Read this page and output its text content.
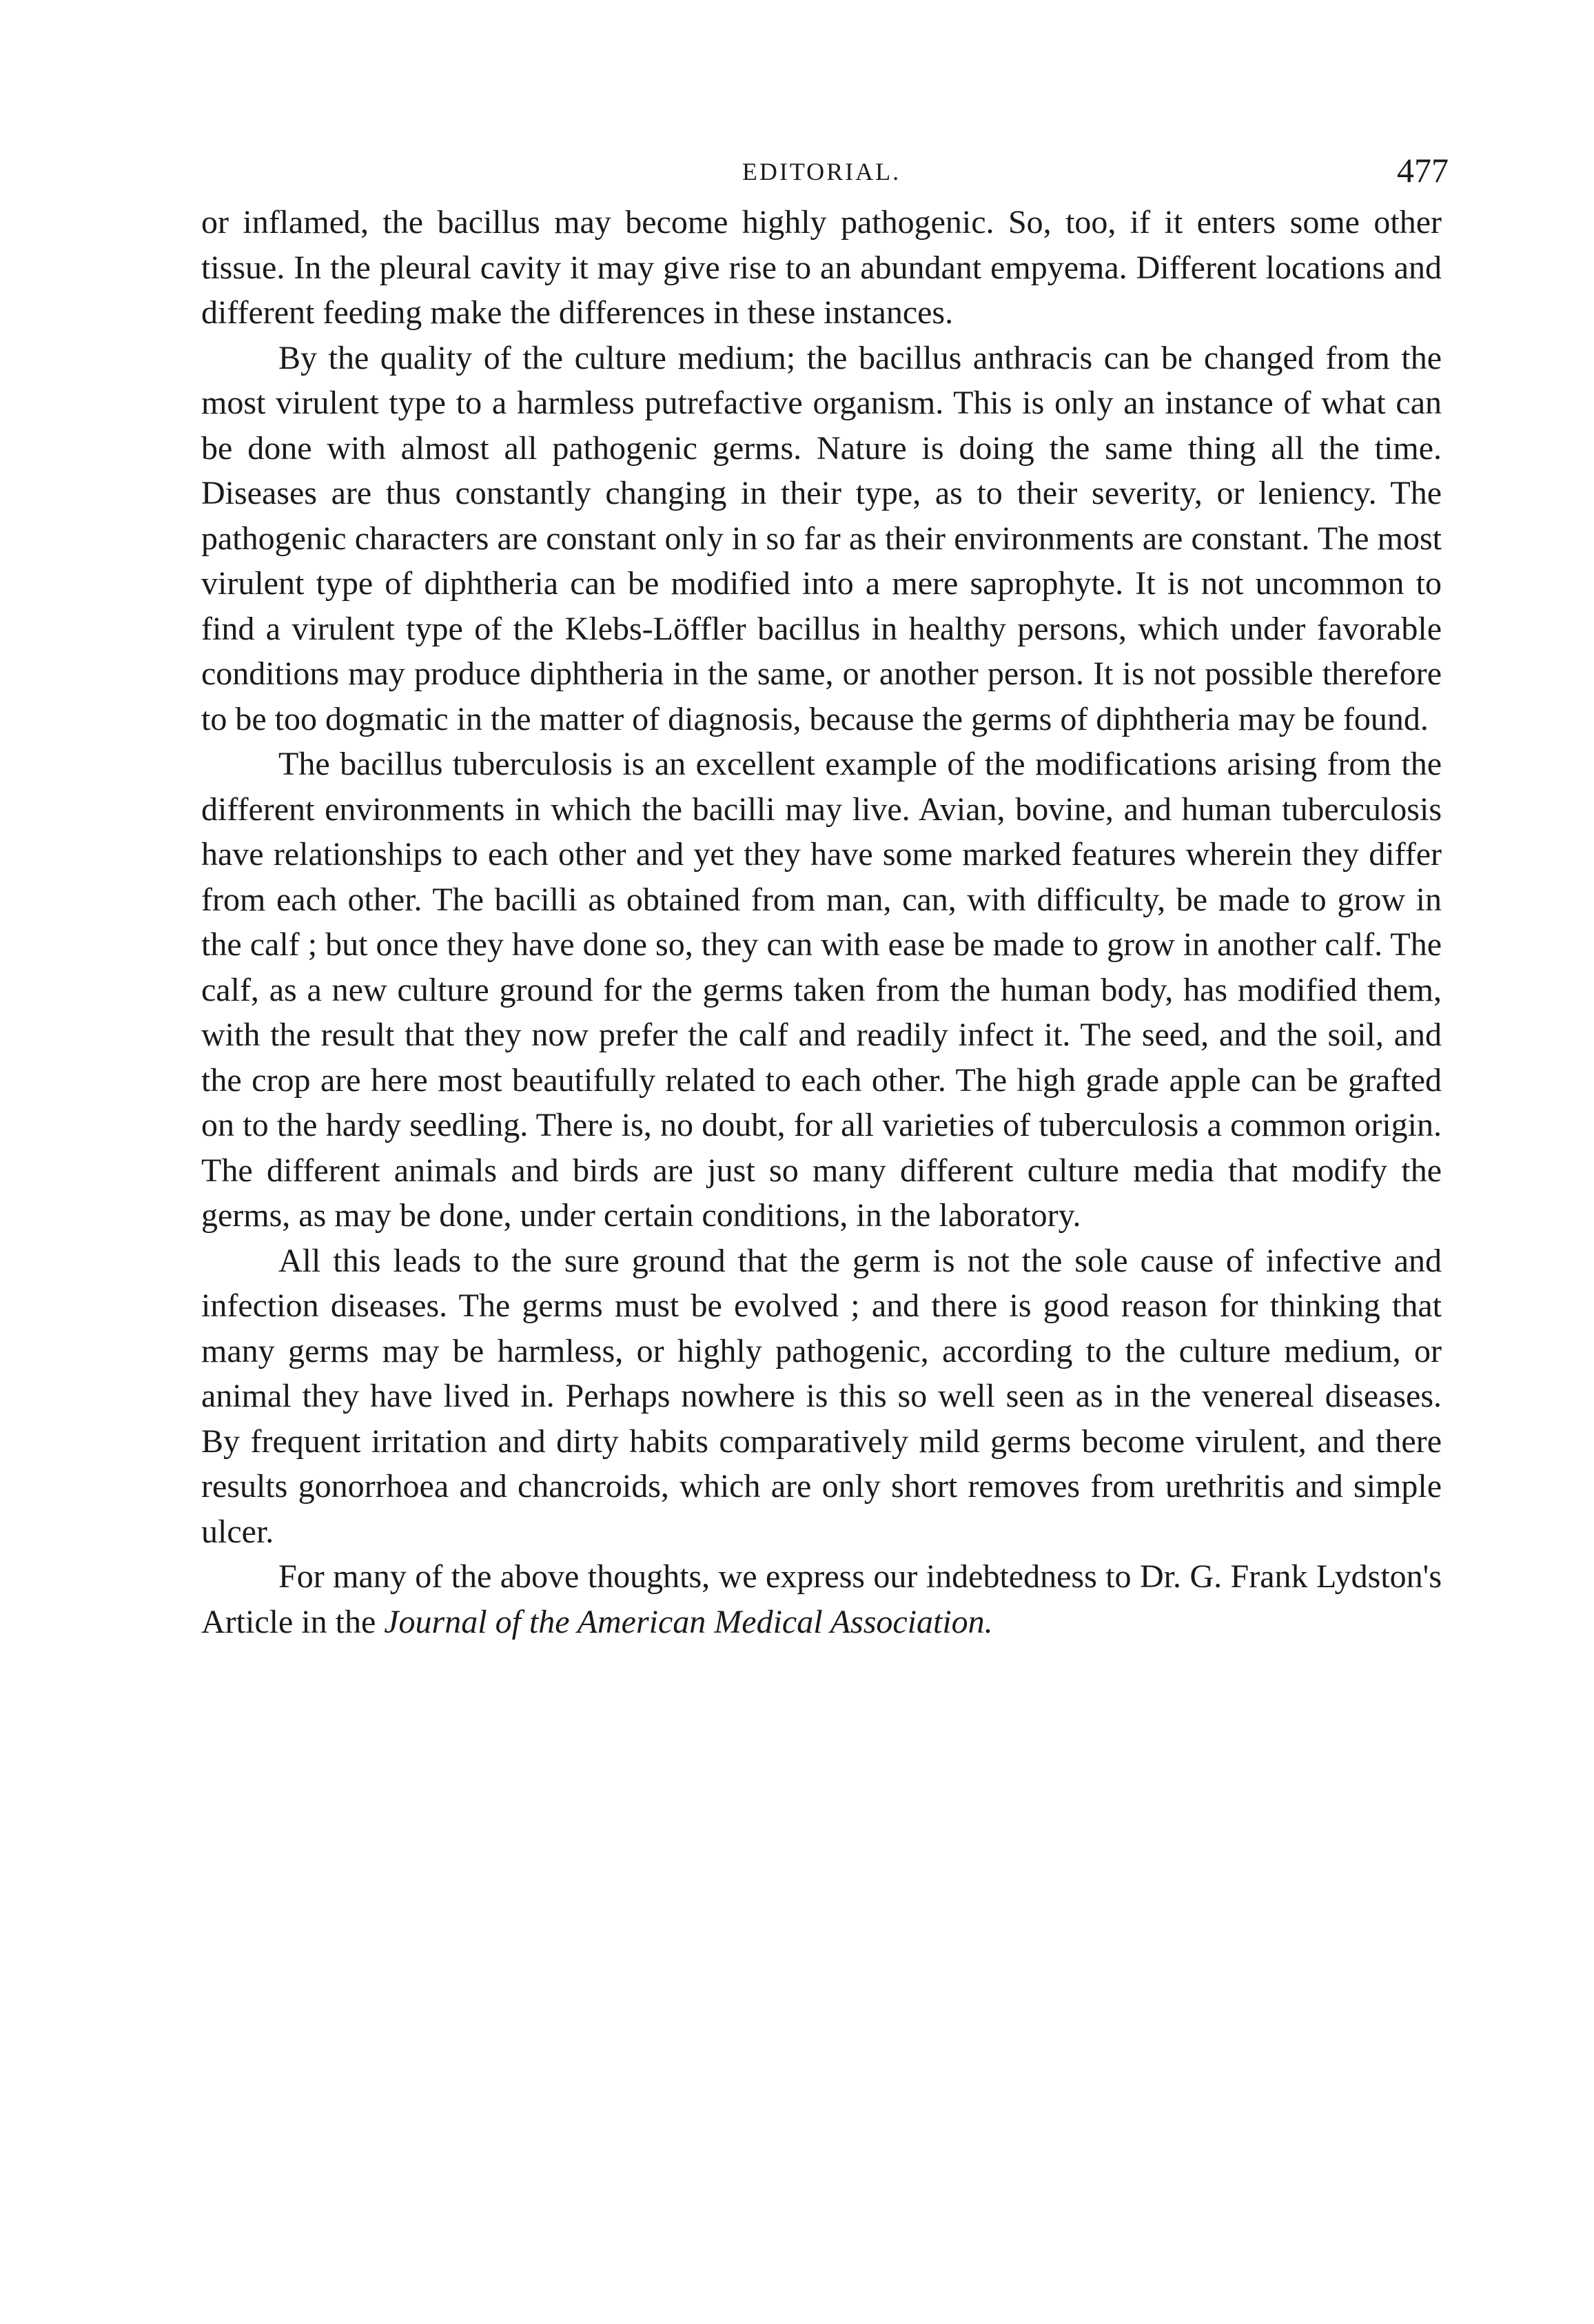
EDITORIAL.	477

or inflamed, the bacillus may become highly pathogenic. So, too, if it enters some other tissue. In the pleural cavity it may give rise to an abundant empyema. Different locations and different feeding make the differences in these instances.

By the quality of the culture medium; the bacillus anthracis can be changed from the most virulent type to a harmless putrefactive organism. This is only an instance of what can be done with almost all pathogenic germs. Nature is doing the same thing all the time. Diseases are thus constantly changing in their type, as to their severity, or leniency. The pathogenic characters are constant only in so far as their environments are constant. The most virulent type of diphtheria can be modified into a mere saprophyte. It is not uncommon to find a virulent type of the Klebs-Löffler bacillus in healthy persons, which under favorable conditions may produce diphtheria in the same, or another person. It is not possible therefore to be too dogmatic in the matter of diagnosis, because the germs of diphtheria may be found.

The bacillus tuberculosis is an excellent example of the modifications arising from the different environments in which the bacilli may live. Avian, bovine, and human tuberculosis have relationships to each other and yet they have some marked features wherein they differ from each other. The bacilli as obtained from man, can, with difficulty, be made to grow in the calf ; but once they have done so, they can with ease be made to grow in another calf. The calf, as a new culture ground for the germs taken from the human body, has modified them, with the result that they now prefer the calf and readily infect it. The seed, and the soil, and the crop are here most beautifully related to each other. The high grade apple can be grafted on to the hardy seedling. There is, no doubt, for all varieties of tuberculosis a common origin. The different animals and birds are just so many different culture media that modify the germs, as may be done, under certain conditions, in the laboratory.

All this leads to the sure ground that the germ is not the sole cause of infective and infection diseases. The germs must be evolved ; and there is good reason for thinking that many germs may be harmless, or highly pathogenic, according to the culture medium, or animal they have lived in. Perhaps nowhere is this so well seen as in the venereal diseases. By frequent irritation and dirty habits comparatively mild germs become virulent, and there results gonorrhoea and chancroids, which are only short removes from urethritis and simple ulcer.

For many of the above thoughts, we express our indebtedness to Dr. G. Frank Lydston's Article in the Journal of the American Medical Association.
